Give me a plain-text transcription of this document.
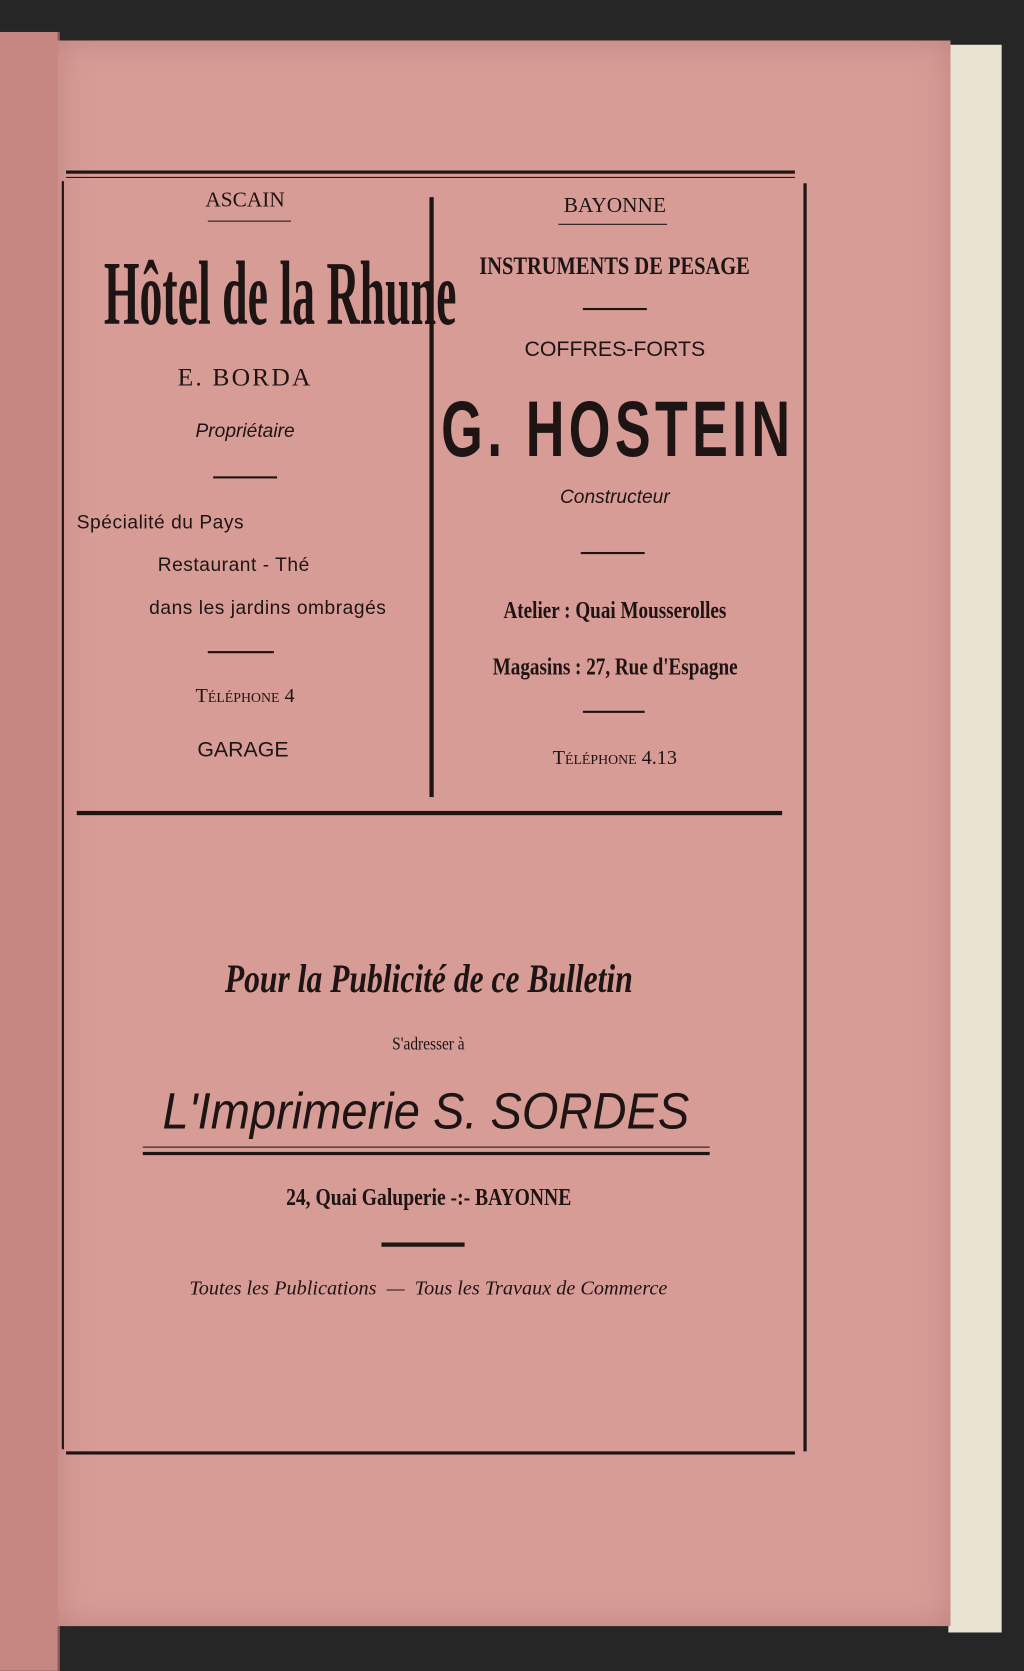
ASCAIN
Hôtel de la Rhune
E. BORDA
Propriétaire
Spécialité du Pays
Restaurant - Thé
dans les jardins ombragés
Téléphone 4
GARAGE
BAYONNE
INSTRUMENTS DE PESAGE
COFFRES-FORTS
G. HOSTEIN
Constructeur
Atelier : Quai Mousserolles
Magasins : 27, Rue d'Espagne
Téléphone 4.13
Pour la Publicité de ce Bulletin
S'adresser à
L'Imprimerie S. SORDES
24, Quai Galuperie -:- BAYONNE
Toutes les Publications  —  Tous les Travaux de Commerce
